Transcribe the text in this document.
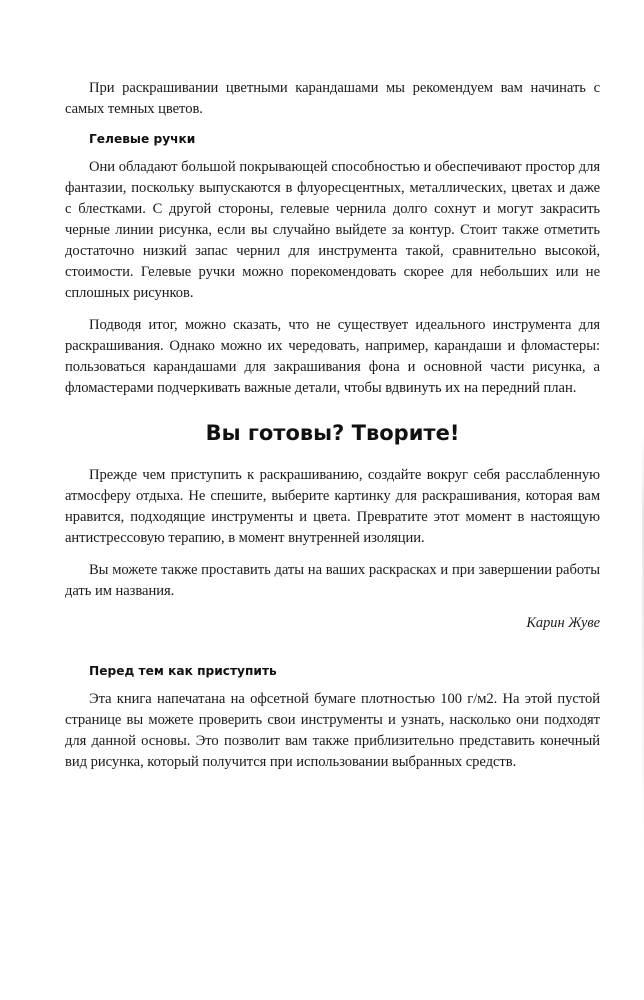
При раскрашивании цветными карандашами мы рекомендуем вам начинать с самых темных цветов.

Гелевые ручки

Они обладают большой покрывающей способностью и обеспечивают простор для фантазии, поскольку выпускаются в флуоресцентных, металлических, цветах и даже с блестками. С другой стороны, гелевые чернила долго сохнут и могут закрасить черные линии рисунка, если вы случайно выйдете за контур. Стоит также отметить достаточно низкий запас чернил для инструмента такой, сравнительно высокой, стоимости. Гелевые ручки можно порекомендовать скорее для небольших или не сплошных рисунков.

Подводя итог, можно сказать, что не существует идеального инструмента для раскрашивания. Однако можно их чередовать, например, карандаши и фломастеры: пользоваться карандашами для закрашивания фона и основной части рисунка, а фломастерами подчеркивать важные детали, чтобы вдвинуть их на передний план.

Вы готовы? Творите!

Прежде чем приступить к раскрашиванию, создайте вокруг себя расслабленную атмосферу отдыха. Не спешите, выберите картинку для раскрашивания, которая вам нравится, подходящие инструменты и цвета. Превратите этот момент в настоящую антистрессовую терапию, в момент внутренней изоляции.

Вы можете также проставить даты на ваших раскрасках и при завершении работы дать им названия.

Карин Жуве

Перед тем как приступить

Эта книга напечатана на офсетной бумаге плотностью 100 г/м2. На этой пустой странице вы можете проверить свои инструменты и узнать, насколько они подходят для данной основы. Это позволит вам также приблизительно представить конечный вид рисунка, который получится при использовании выбранных средств.
